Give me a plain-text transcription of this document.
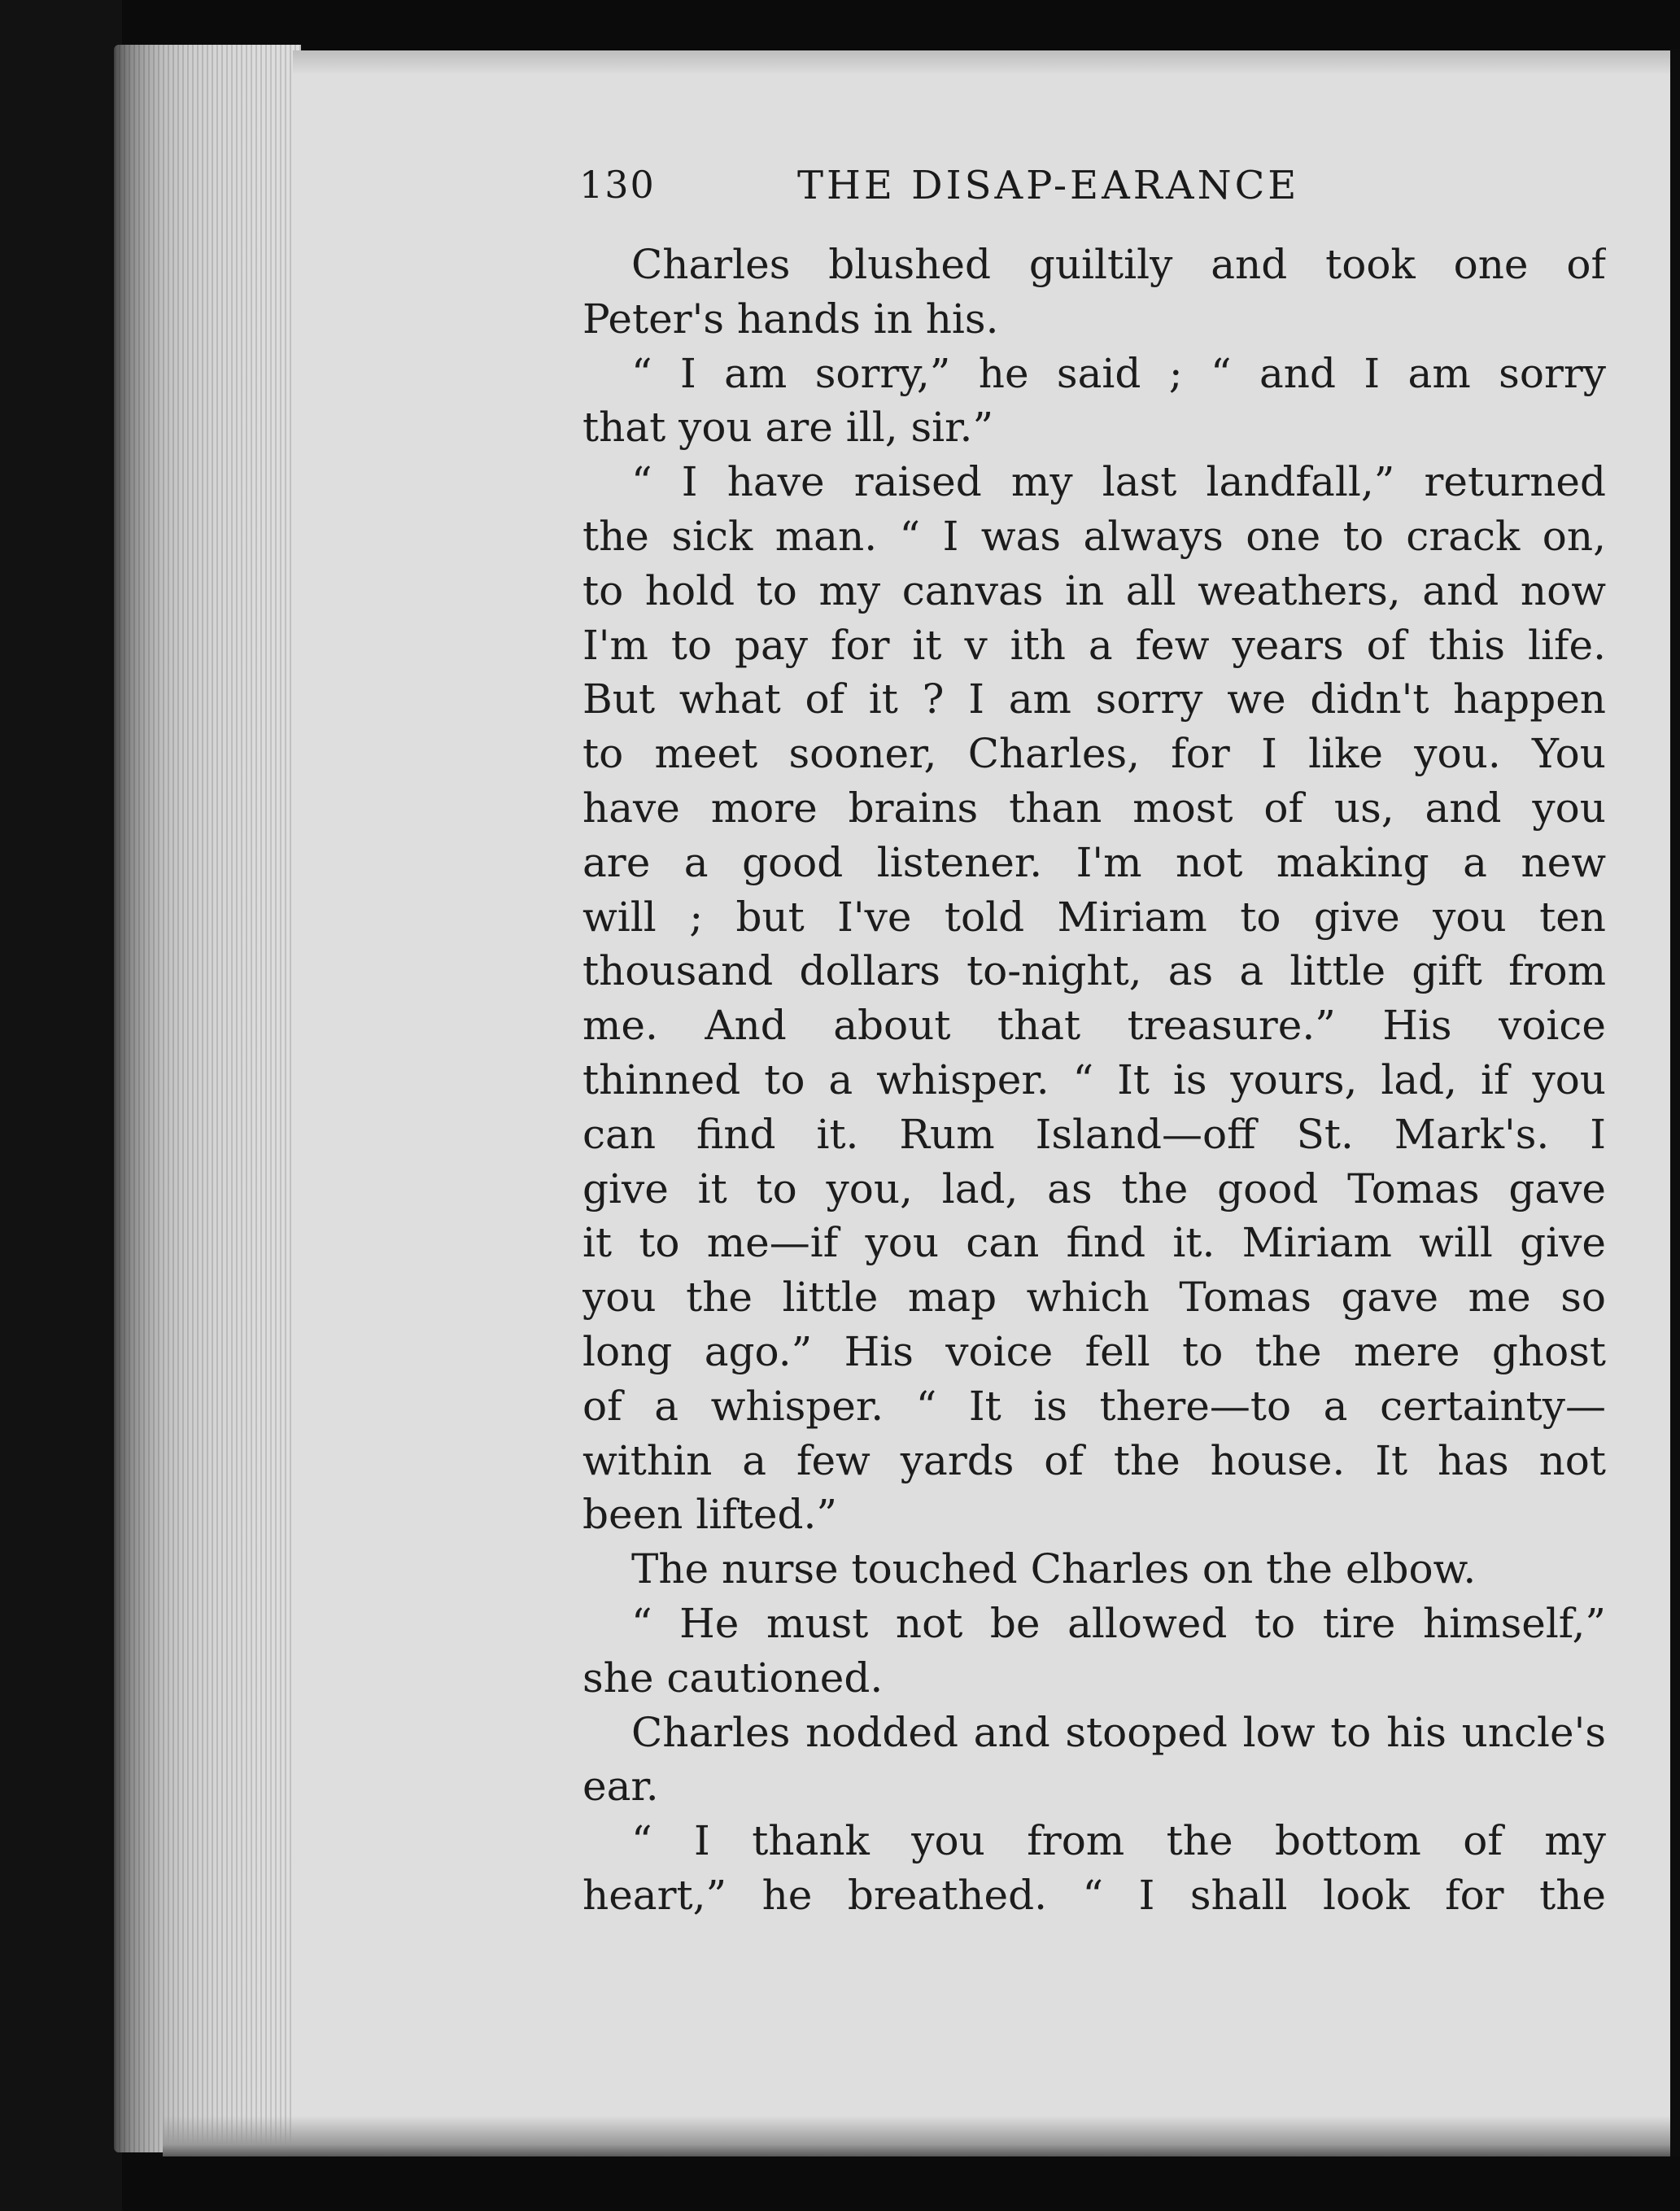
130	THE DISAP-EARANCE
Charles blushed guiltily and took one of
Peter's hands in his.
“ I am sorry,” he said ; “ and I am sorry
that you are ill, sir.”
“ I have raised my last landfall,” returned
the sick man. “ I was always one to crack on,
to hold to my canvas in all weathers, and now
I'm to pay for it v ith a few years of this life.
But what of it ? I am sorry we didn't happen
to meet sooner, Charles, for I like you. You
have more brains than most of us, and you
are a good listener. I'm not making a new
will ; but I've told Miriam to give you ten
thousand dollars to-night, as a little gift from
me. And about that treasure.” His voice
thinned to a whisper. “ It is yours, lad, if you
can find it. Rum Island—off St. Mark's. I
give it to you, lad, as the good Tomas gave
it to me—if you can find it. Miriam will give
you the little map which Tomas gave me so
long ago.” His voice fell to the mere ghost
of a whisper. “ It is there—to a certainty—
within a few yards of the house. It has not
been lifted.”
The nurse touched Charles on the elbow.
“ He must not be allowed to tire himself,”
she cautioned.
Charles nodded and stooped low to his uncle's
ear.
“ I thank you from the bottom of my
heart,” he breathed. “ I shall look for the
